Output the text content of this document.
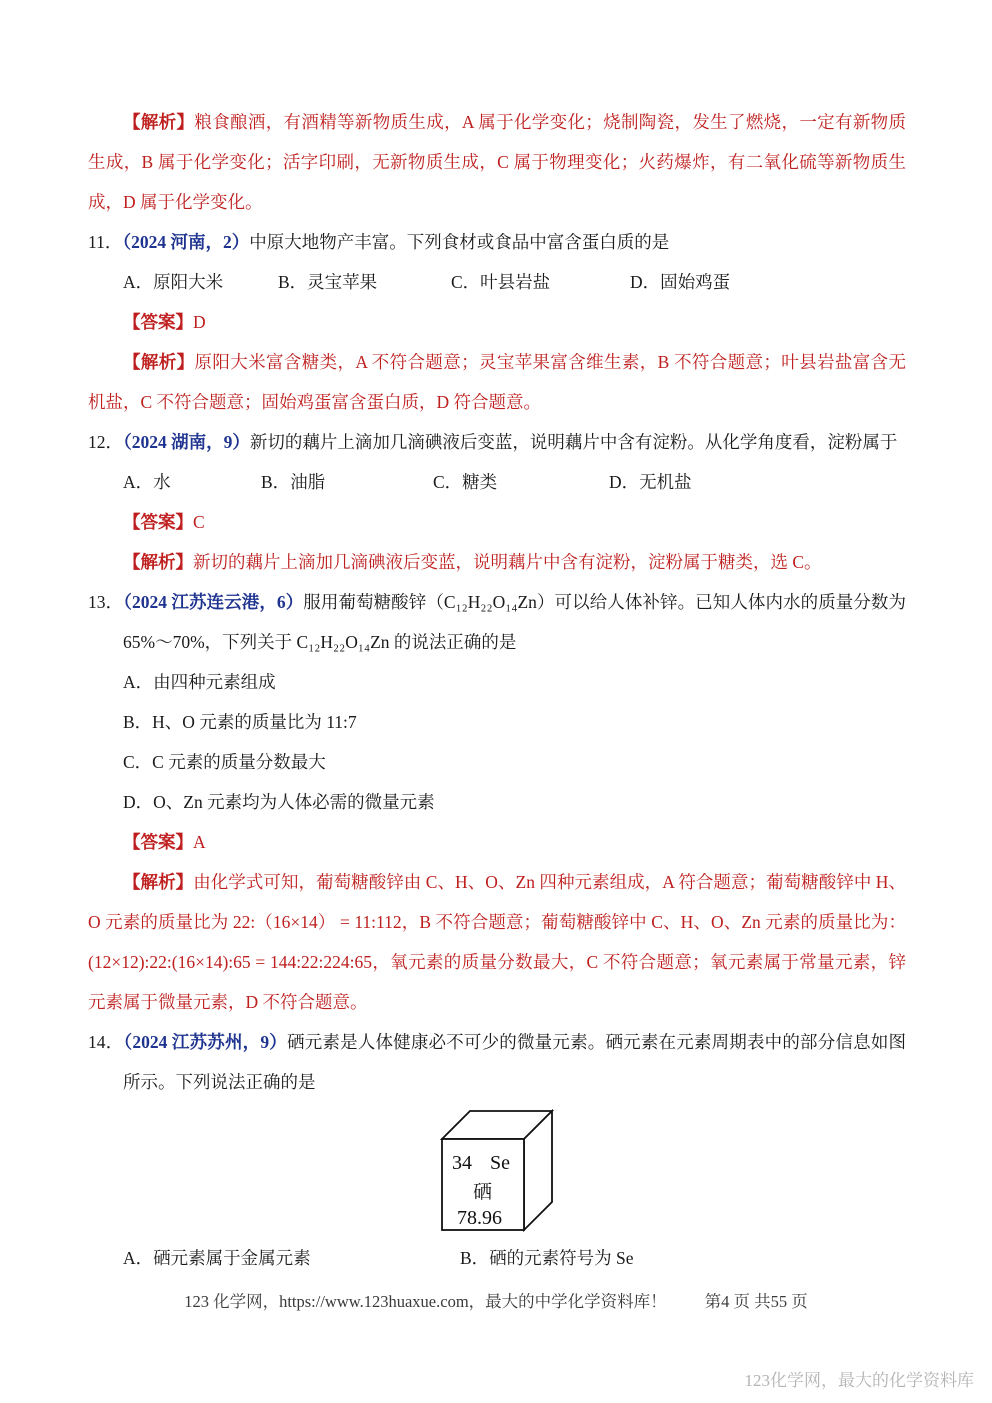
【解析】粮食酿酒，有酒精等新物质生成，A 属于化学变化；烧制陶瓷，发生了燃烧，一定有新物质生成，B 属于化学变化；活字印刷，无新物质生成，C 属于物理变化；火药爆炸，有二氧化硫等新物质生成，D 属于化学变化。

11．（2024 河南，2）中原大地物产丰富。下列食材或食品中富含蛋白质的是

A．原阳大米	B．灵宝苹果	C．叶县岩盐	D．固始鸡蛋

【答案】D

【解析】原阳大米富含糖类，A 不符合题意；灵宝苹果富含维生素，B 不符合题意；叶县岩盐富含无机盐，C 不符合题意；固始鸡蛋富含蛋白质，D 符合题意。

12．（2024 湖南，9）新切的藕片上滴加几滴碘液后变蓝，说明藕片中含有淀粉。从化学角度看，淀粉属于

A．水	B．油脂	C．糖类	D．无机盐

【答案】C

【解析】新切的藕片上滴加几滴碘液后变蓝，说明藕片中含有淀粉，淀粉属于糖类，选 C。

13．（2024 江苏连云港，6）服用葡萄糖酸锌（C₁₂H₂₂O₁₄Zn）可以给人体补锌。已知人体内水的质量分数为 65%～70%，下列关于 C₁₂H₂₂O₁₄Zn 的说法正确的是

A．由四种元素组成

B．H、O 元素的质量比为 11:7

C．C 元素的质量分数最大

D．O、Zn 元素均为人体必需的微量元素

【答案】A

【解析】由化学式可知，葡萄糖酸锌由 C、H、O、Zn 四种元素组成，A 符合题意；葡萄糖酸锌中 H、O 元素的质量比为 22:（16×14） = 11:112，B 不符合题意；葡萄糖酸锌中 C、H、O、Zn 元素的质量比为：(12×12):22:(16×14):65 = 144:22:224:65，氧元素的质量分数最大，C 不符合题意；氧元素属于常量元素，锌元素属于微量元素，D 不符合题意。

14．（2024 江苏苏州，9）硒元素是人体健康必不可少的微量元素。硒元素在元素周期表中的部分信息如图所示。下列说法正确的是

34 Se
硒
78.96
A．硒元素属于金属元素	B．硒的元素符号为 Se
123 化学网，https://www.123huaxue.com，最大的中学化学资料库！ 第4 页 共55 页
123化学网，最大的化学资料库
